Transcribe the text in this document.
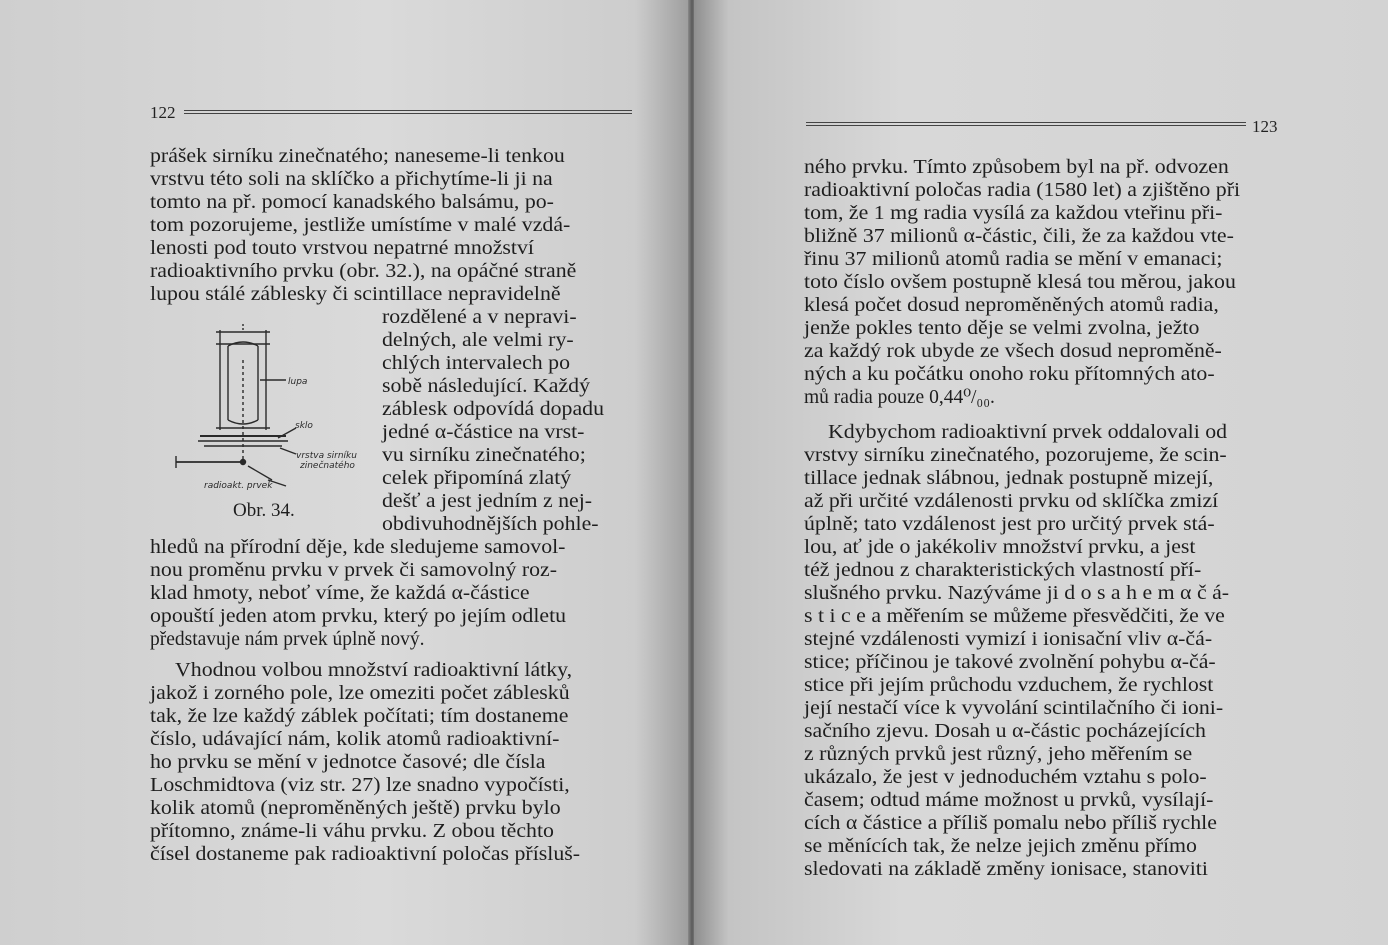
122
prášek sirníku zinečnatého; naneseme-li tenkou
vrstvu této soli na sklíčko a přichytíme-li ji na
tomto na př. pomocí kanadského balsámu, po-
tom pozorujeme, jestliže umístíme v malé vzdá-
lenosti pod touto vrstvou nepatrné množství
radioaktivního prvku (obr. 32.), na opáčné straně
lupou stálé záblesky či scintillace nepravidelně
rozdělené a v nepravi-
delných, ale velmi ry-
chlých intervalech po
sobě následující. Každý
záblesk odpovídá dopadu
jedné α-částice na vrst-
vu sirníku zinečnatého;
celek připomíná zlatý
dešť a jest jedním z nej-
obdivuhodnějších pohle-
lupa
sklo
vrstva sirníku
zinečnatého
radioakt. prvek
Obr. 34.
hledů na přírodní děje, kde sledujeme samovol-
nou proměnu prvku v prvek či samovolný roz-
klad hmoty, neboť víme, že každá α-částice
opouští jeden atom prvku, který po jejím odletu
představuje nám prvek úplně nový.
Vhodnou volbou množství radioaktivní látky,
jakož i zorného pole, lze omeziti počet záblesků
tak, že lze každý záblek počítati; tím dostaneme
číslo, udávající nám, kolik atomů radioaktivní-
ho prvku se mění v jednotce časové; dle čísla
Loschmidtova (viz str. 27) lze snadno vypočísti,
kolik atomů (neproměněných ještě) prvku bylo
přítomno, známe-li váhu prvku. Z obou těchto
čísel dostaneme pak radioaktivní poločas přísluš-
123
ného prvku. Tímto způsobem byl na př. odvozen
radioaktivní poločas radia (1580 let) a zjištěno při
tom, že 1 mg radia vysílá za každou vteřinu při-
bližně 37 milionů α-částic, čili, že za každou vte-
řinu 37 milionů atomů radia se mění v emanaci;
toto číslo ovšem postupně klesá tou měrou, jakou
klesá počet dosud neproměněných atomů radia,
jenže pokles tento děje se velmi zvolna, ježto
za každý rok ubyde ze všech dosud neproměně-
ných a ku počátku onoho roku přítomných ato-
mů radia pouze 0,44⁰/₀₀.
Kdybychom radioaktivní prvek oddalovali od
vrstvy sirníku zinečnatého, pozorujeme, že scin-
tillace jednak slábnou, jednak postupně mizejí,
až při určité vzdálenosti prvku od sklíčka zmizí
úplně; tato vzdálenost jest pro určitý prvek stá-
lou, ať jde o jakékoliv množství prvku, a jest
též jednou z charakteristických vlastností pří-
slušného prvku. Nazýváme ji d o s a h e m α č á-
s t i c e a měřením se můžeme přesvědčiti, že ve
stejné vzdálenosti vymizí i ionisační vliv α-čá-
stice; příčinou je takové zvolnění pohybu α-čá-
stice při jejím průchodu vzduchem, že rychlost
její nestačí více k vyvolání scintilačního či ioni-
sačního zjevu. Dosah u α-částic pocházejících
z různých prvků jest různý, jeho měřením se
ukázalo, že jest v jednoduchém vztahu s polo-
časem; odtud máme možnost u prvků, vysílají-
cích α částice a příliš pomalu nebo příliš rychle
se měnících tak, že nelze jejich změnu přímo
sledovati na základě změny ionisace, stanoviti
